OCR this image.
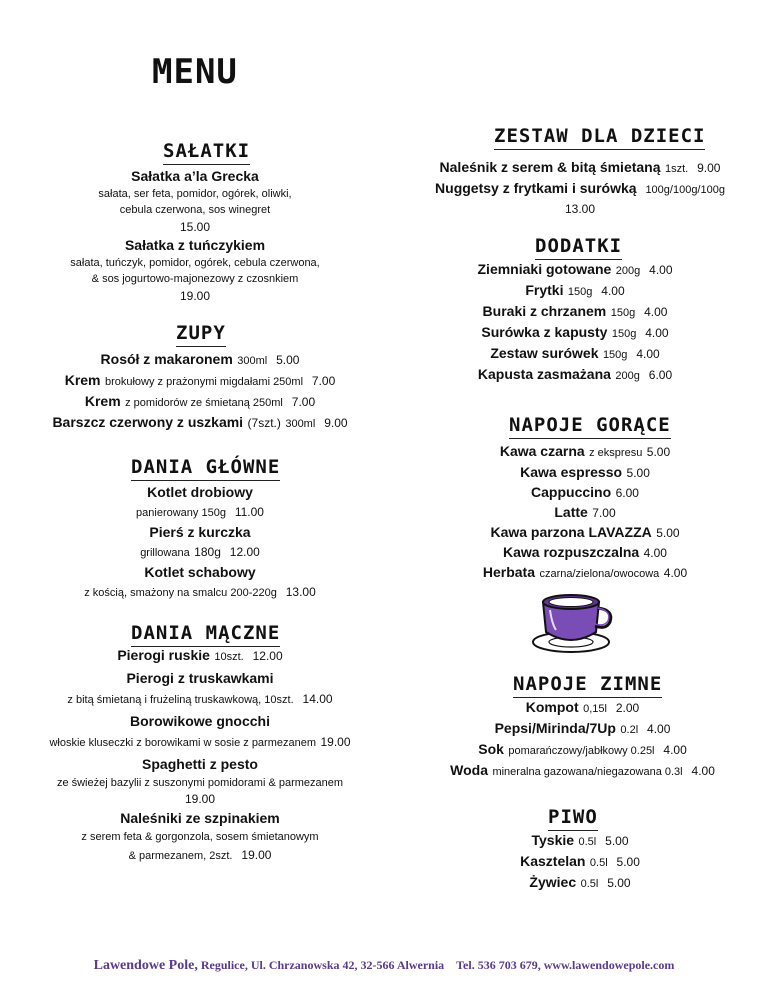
MENU
SAŁATKI
Sałatka a’la Grecka
sałata, ser feta, pomidor, ogórek, oliwki,
cebula czerwona, sos winegret
15.00
Sałatka z tuńczykiem
sałata, tuńczyk, pomidor, ogórek, cebula czerwona,
& sos jogurtowo-majonezowy z czosnkiem
19.00
ZUPY
Rosół z makaronem 300ml 5.00
Krem brokułowy z prażonymi migdałami 250ml 7.00
Krem z pomidorów ze śmietaną 250ml 7.00
Barszcz czerwony z uszkami (7szt.) 300ml 9.00
DANIA GŁÓWNE
Kotlet drobiowy
panierowany 150g 11.00
Pierś z kurczka
grillowana 180g 12.00
Kotlet schabowy
z kością, smażony na smalcu 200-220g 13.00
DANIA MĄCZNE
Pierogi ruskie 10szt. 12.00
Pierogi z truskawkami
z bitą śmietaną i frużeliną truskawkową, 10szt. 14.00
Borowikowe gnocchi
włoskie kluseczki z borowikami w sosie z parmezanem 19.00
Spaghetti z pesto
ze świeżej bazylii z suszonymi pomidorami & parmezanem
19.00
Naleśniki ze szpinakiem
z serem feta & gorgonzola, sosem śmietanowym
& parmezanem, 2szt. 19.00
ZESTAW DLA DZIECI
Naleśnik z serem & bitą śmietaną 1szt. 9.00
Nuggetsy z frytkami i surówką 100g/100g/100g
13.00
DODATKI
Ziemniaki gotowane 200g 4.00
Frytki 150g 4.00
Buraki z chrzanem 150g 4.00
Surówka z kapusty 150g 4.00
Zestaw surówek 150g 4.00
Kapusta zasmażana 200g 6.00
NAPOJE GORĄCE
Kawa czarna z ekspresu 5.00
Kawa espresso 5.00
Cappuccino 6.00
Latte 7.00
Kawa parzona LAVAZZA 5.00
Kawa rozpuszczalna 4.00
Herbata czarna/zielona/owocowa 4.00
NAPOJE ZIMNE
Kompot 0,15l 2.00
Pepsi/Mirinda/7Up 0.2l 4.00
Sok pomarańczowy/jabłkowy 0.25l 4.00
Woda mineralna gazowana/niegazowana 0.3l 4.00
PIWO
Tyskie 0.5l 5.00
Kasztelan 0.5l 5.00
Żywiec 0.5l 5.00
Lawendowe Pole, Regulice, Ul. Chrzanowska 42, 32-566 Alwernia Tel. 536 703 679, www.lawendowepole.com
